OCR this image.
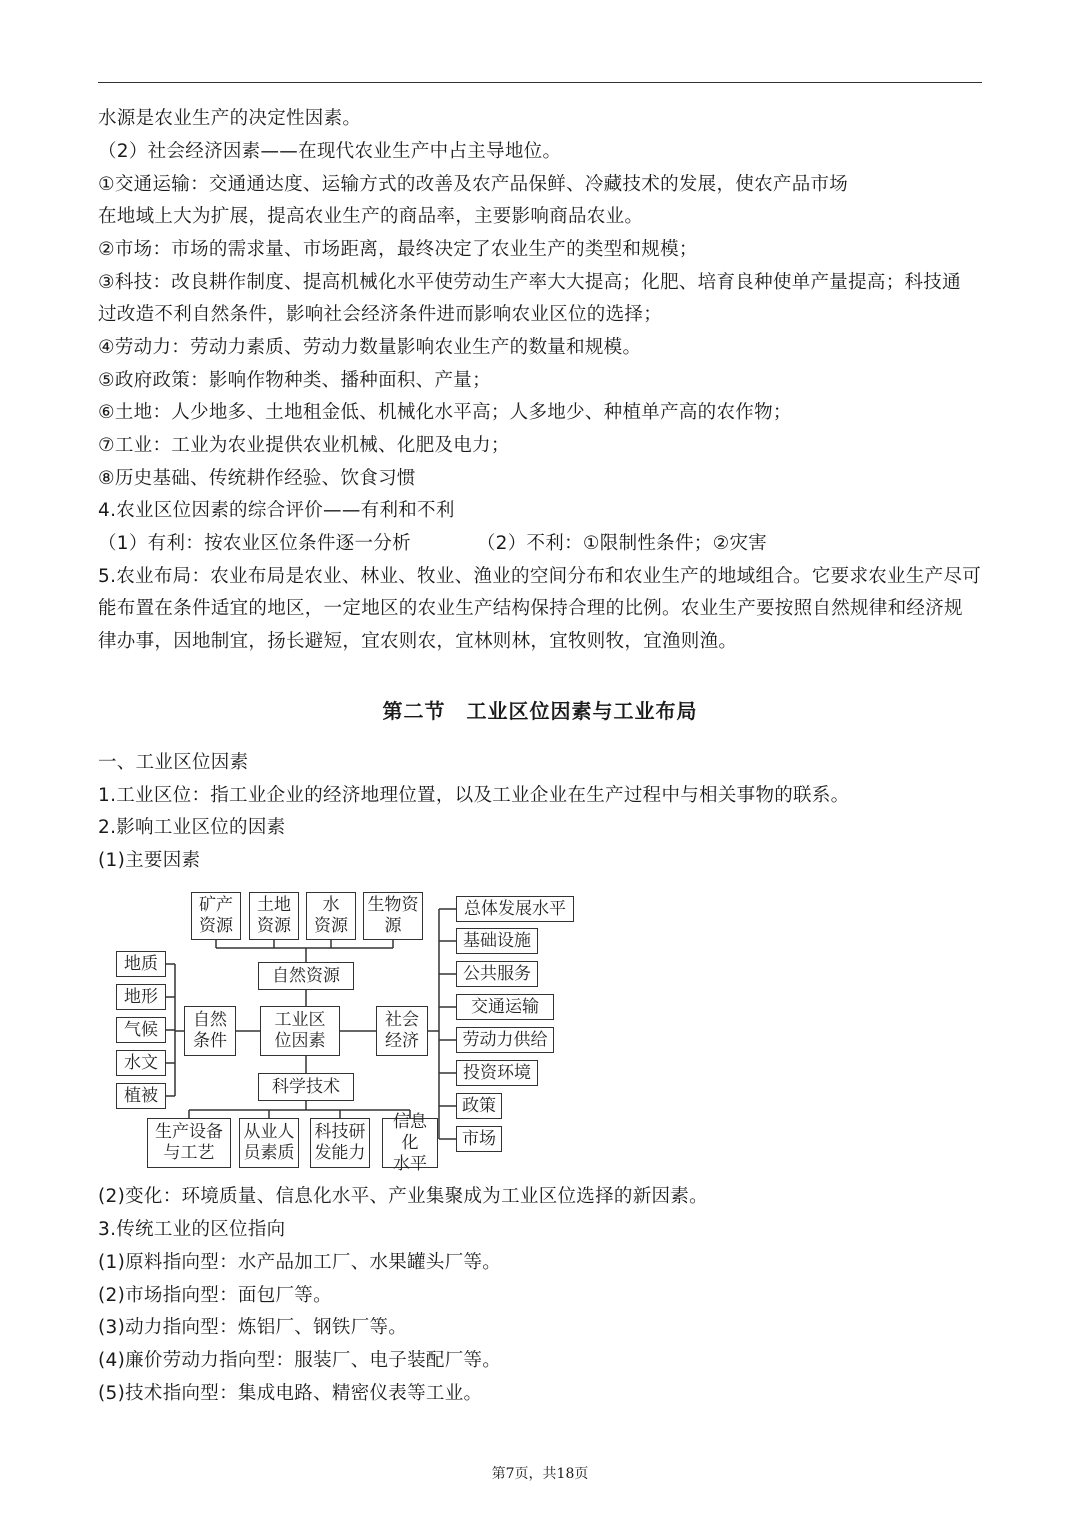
水源是农业生产的决定性因素。
（2）社会经济因素——在现代农业生产中占主导地位。
①交通运输：交通通达度、运输方式的改善及农产品保鲜、冷藏技术的发展，使农产品市场
在地域上大为扩展，提高农业生产的商品率，主要影响商品农业。
②市场：市场的需求量、市场距离，最终决定了农业生产的类型和规模；
③科技：改良耕作制度、提高机械化水平使劳动生产率大大提高；化肥、培育良种使单产量提高；科技通
过改造不利自然条件，影响社会经济条件进而影响农业区位的选择；
④劳动力：劳动力素质、劳动力数量影响农业生产的数量和规模。
⑤政府政策：影响作物种类、播种面积、产量；
⑥土地：人少地多、土地租金低、机械化水平高；人多地少、种植单产高的农作物；
⑦工业：工业为农业提供农业机械、化肥及电力；
⑧历史基础、传统耕作经验、饮食习惯
4.农业区位因素的综合评价——有利和不利
（1）有利：按农业区位条件逐一分析　　　　（2）不利：①限制性条件；②灾害
5.农业布局：农业布局是农业、林业、牧业、渔业的空间分布和农业生产的地域组合。它要求农业生产尽可
能布置在条件适宜的地区，一定地区的农业生产结构保持合理的比例。农业生产要按照自然规律和经济规
律办事，因地制宜，扬长避短，宜农则农，宜林则林，宜牧则牧，宜渔则渔。
第二节　工业区位因素与工业布局
一、工业区位因素
1.工业区位：指工业企业的经济地理位置，以及工业企业在生产过程中与相关事物的联系。
2.影响工业区位的因素
(1)主要因素
矿产
资源
土地
资源
水
资源
生物资
源
自然资源
地质
地形
气候
水文
植被
自然
条件
工业区
位因素
社会
经济
总体发展水平
基础设施
公共服务
交通运输
劳动力供给
投资环境
政策
市场
科学技术
生产设备
与工艺
从业人
员素质
科技研
发能力
信息化
水平
(2)变化：环境质量、信息化水平、产业集聚成为工业区位选择的新因素。
3.传统工业的区位指向
(1)原料指向型：水产品加工厂、水果罐头厂等。
(2)市场指向型：面包厂等。
(3)动力指向型：炼铝厂、钢铁厂等。
(4)廉价劳动力指向型：服装厂、电子装配厂等。
(5)技术指向型：集成电路、精密仪表等工业。
第7页，共18页
